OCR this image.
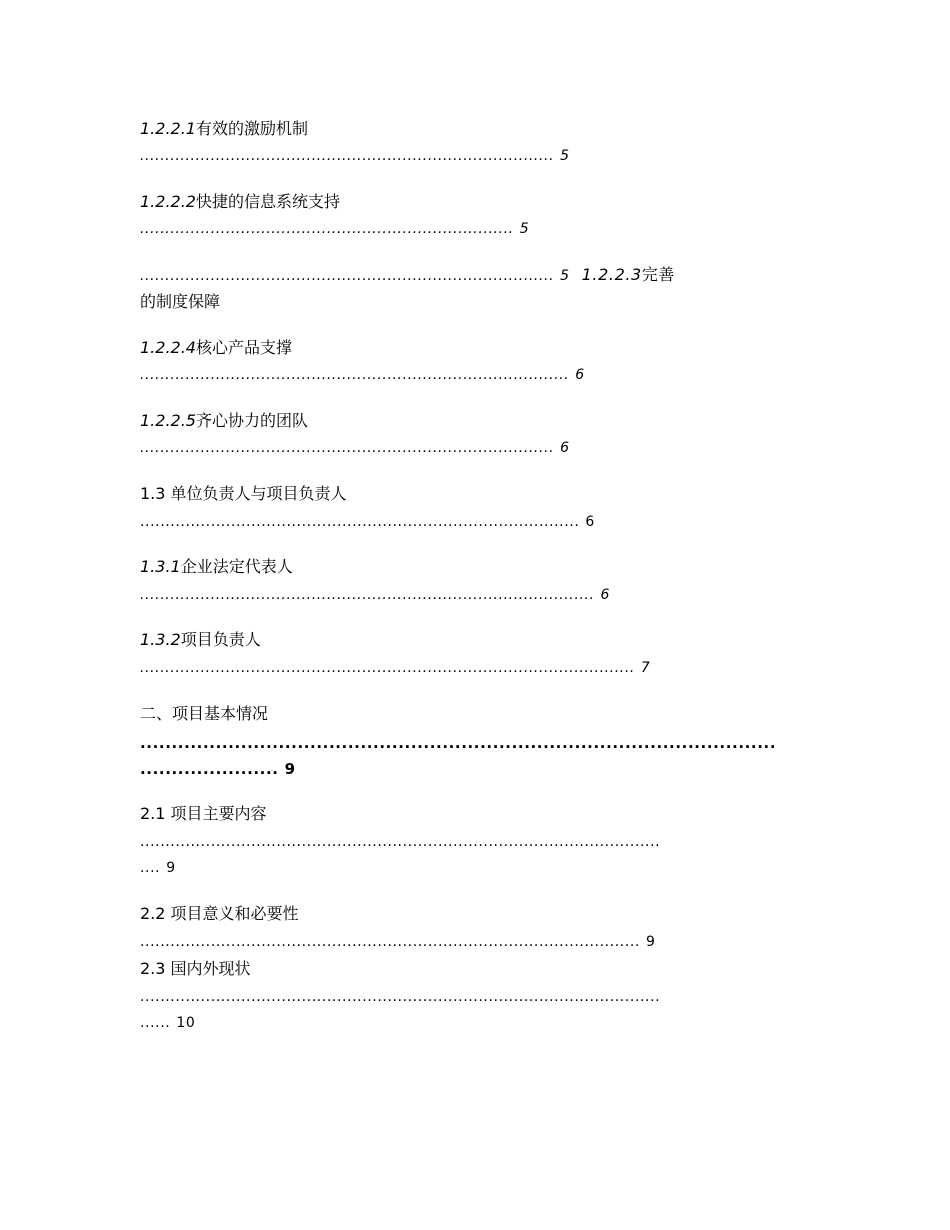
1.2.2.1有效的激励机制
.................................................................................. 5
1.2.2.2快捷的信息系统支持
.......................................................................... 5
.................................................................................. 5 1.2.2.3完善
的制度保障
1.2.2.4核心产品支撑
..................................................................................... 6
1.2.2.5齐心协力的团队
.................................................................................. 6
1.3 单位负责人与项目负责人
....................................................................................... 6
1.3.1企业法定代表人
.......................................................................................... 6
1.3.2项目负责人
.................................................................................................. 7
二、项目基本情况
.....................................................................................................
...................... 9
2.1 项目主要内容
.......................................................................................................
.... 9
2.2 项目意义和必要性
................................................................................................... 9
2.3 国内外现状
.......................................................................................................
...... 10
